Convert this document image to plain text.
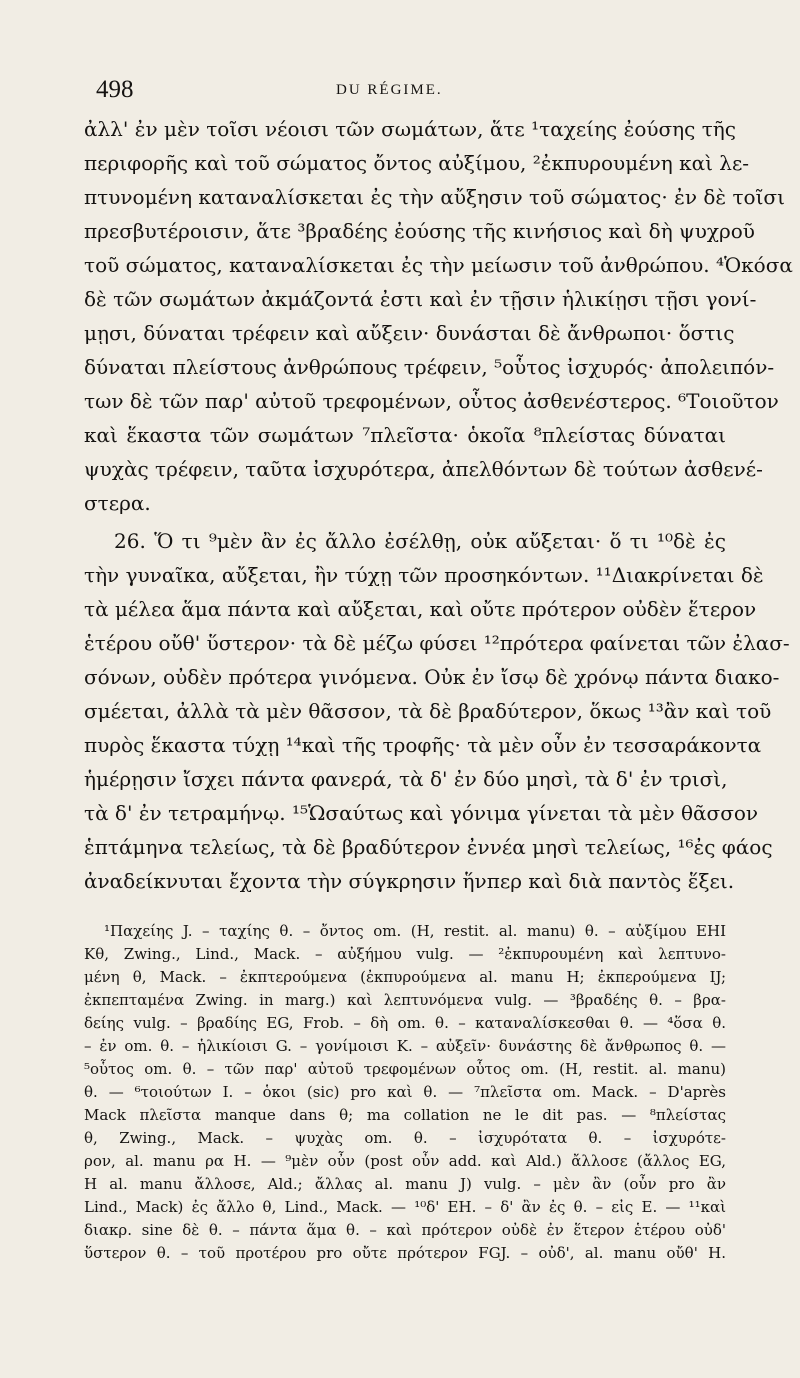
498	DU RÉGIME.
ἀλλ' ἐν μὲν τοῖσι νέοισι τῶν σωμάτων, ἅτε ¹ταχείης ἐούσης τῆς
περιφορῆς καὶ τοῦ σώματος ὄντος αὐξίμου, ²ἐκπυρουμένη καὶ λε-
πτυνομένη καταναλίσκεται ἐς τὴν αὔξησιν τοῦ σώματος· ἐν δὲ τοῖσι
πρεσβυτέροισιν, ἅτε ³βραδέης ἐούσης τῆς κινήσιος καὶ δὴ ψυχροῦ
τοῦ σώματος, καταναλίσκεται ἐς τὴν μείωσιν τοῦ ἀνθρώπου. ⁴Ὁκόσα
δὲ τῶν σωμάτων ἀκμάζοντά ἐστι καὶ ἐν τῇσιν ἡλικίῃσι τῇσι γονί-
μῃσι, δύναται τρέφειν καὶ αὔξειν· δυνάσται δὲ ἄνθρωποι· ὅστις
δύναται πλείστους ἀνθρώπους τρέφειν, ⁵οὗτος ἰσχυρός· ἀπολειπόν-
των δὲ τῶν παρ' αὐτοῦ τρεφομένων, οὗτος ἀσθενέστερος. ⁶Τοιοῦτον
καὶ ἕκαστα τῶν σωμάτων ⁷πλεῖστα· ὁκοῖα ⁸πλείστας δύναται
ψυχὰς τρέφειν, ταῦτα ἰσχυρότερα, ἀπελθόντων δὲ τούτων ἀσθενέ-
στερα.
26. Ὅ τι ⁹μὲν ἂν ἐς ἄλλο ἐσέλθῃ, οὐκ αὔξεται· ὅ τι ¹⁰δὲ ἐς
τὴν γυναῖκα, αὔξεται, ἢν τύχῃ τῶν προσηκόντων. ¹¹Διακρίνεται δὲ
τὰ μέλεα ἅμα πάντα καὶ αὔξεται, καὶ οὔτε πρότερον οὐδὲν ἕτερον
ἑτέρου οὔθ' ὕστερον· τὰ δὲ μέζω φύσει ¹²πρότερα φαίνεται τῶν ἐλασ-
σόνων, οὐδὲν πρότερα γινόμενα. Οὐκ ἐν ἴσῳ δὲ χρόνῳ πάντα διακο-
σμέεται, ἀλλὰ τὰ μὲν θᾶσσον, τὰ δὲ βραδύτερον, ὅκως ¹³ἂν καὶ τοῦ
πυρὸς ἕκαστα τύχῃ ¹⁴καὶ τῆς τροφῆς· τὰ μὲν οὖν ἐν τεσσαράκοντα
ἡμέρῃσιν ἴσχει πάντα φανερά, τὰ δ' ἐν δύο μησὶ, τὰ δ' ἐν τρισὶ,
τὰ δ' ἐν τετραμήνῳ. ¹⁵Ὡσαύτως καὶ γόνιμα γίνεται τὰ μὲν θᾶσσον
ἑπτάμηνα τελείως, τὰ δὲ βραδύτερον ἐννέα μησὶ τελείως, ¹⁶ἐς φάος
ἀναδείκνυται ἔχοντα τὴν σύγκρησιν ἥνπερ καὶ διὰ παντὸς ἕξει.
¹Παχείης J. – ταχίης θ. – ὄντος om. (H, restit. al. manu) θ. – αὐξίμου EHI
Kθ, Zwing., Lind., Mack. – αὐξήμου vulg. — ²ἐκπυρουμένη καὶ λεπτυνο-
μένη θ, Mack. – ἐκπτερούμενα (ἐκπυρούμενα al. manu H; ἐκπερούμενα IJ;
ἐκπεπταμένα Zwing. in marg.) καὶ λεπτυνόμενα vulg. — ³βραδέης θ. – βρα-
δείης vulg. – βραδίης EG, Frob. – δὴ om. θ. – καταναλίσκεσθαι θ. — ⁴ὅσα θ.
– ἐν om. θ. – ἡλικίοισι G. – γονίμοισι K. – αὐξεῖν· δυνάστης δὲ ἄνθρωπος θ. —
⁵οὗτος om. θ. – τῶν παρ' αὐτοῦ τρεφομένων οὗτος om. (H, restit. al. manu)
θ. — ⁶τοιούτων I. – ὁκοι (sic) pro καὶ θ. — ⁷πλεῖστα om. Mack. – D'après
Mack πλεῖστα manque dans θ; ma collation ne le dit pas. — ⁸πλείστας
θ, Zwing., Mack. – ψυχὰς om. θ. – ἰσχυρότατα θ. – ἰσχυρότε-
ρον, al. manu ρα H. — ⁹μὲν οὖν (post οὖν add. καὶ Ald.) ἄλλοσε (ἄλλος EG,
H al. manu ἄλλοσε, Ald.; ἄλλας al. manu J) vulg. – μὲν ἂν (οὖν pro ἂν
Lind., Mack) ἐς ἄλλο θ, Lind., Mack. — ¹⁰δ' EH. – δ' ἂν ἐς θ. – εἰς E. — ¹¹καὶ
διακρ. sine δὲ θ. – πάντα ἅμα θ. – καὶ πρότερον οὐδὲ ἐν ἕτερον ἑτέρου οὐδ'
ὕστερον θ. – τοῦ προτέρου pro οὔτε πρότερον FGJ. – οὐδ', al. manu οὔθ' H.
